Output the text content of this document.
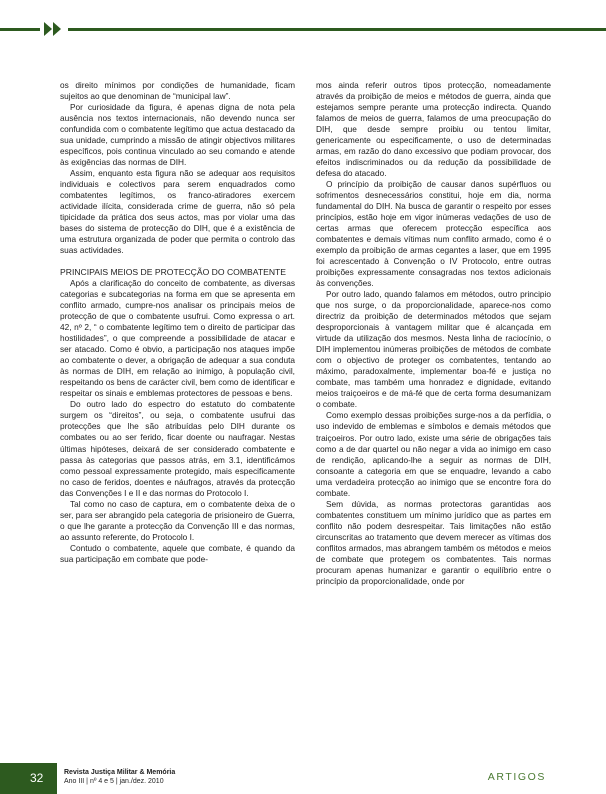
os direito mínimos por condições de humanidade, ficam sujeitos ao que denominan de “municipal law”.

Por curiosidade da figura, é apenas digna de nota pela ausência nos textos internacionais, não devendo nunca ser confundida com o combatente legítimo que actua destacado da sua unidade, cumprindo a missão de atingir objectivos militares específicos, pois continua vinculado ao seu comando e atende às exigências das normas de DIH.

Assim, enquanto esta figura não se adequar aos requisitos individuais e colectivos para serem enquadrados como combatentes legítimos, os franco-atiradores exercem actividade ilícita, considerada crime de guerra, não só pela tipicidade da prática dos seus actos, mas por violar uma das bases do sistema de protecção do DIH, que é a existência de uma estrutura organizada de poder que permita o controlo das suas actividades.

PRINCIPAIS MEIOS DE PROTECÇÃO DO COMBATENTE

Após a clarificação do conceito de combatente, as diversas categorias e subcategorias na forma em que se apresenta em conflito armado, cumpre-nos analisar os principais meios de protecção de que o combatente usufrui. Como expressa o art. 42, nº 2, “ o combatente legítimo tem o direito de participar das hostilidades”, o que compreende a possibilidade de atacar e ser atacado. Como é obvio, a participação nos ataques impõe ao combatente o dever, a obrigação de adequar a sua conduta às normas de DIH, em relação ao inimigo, à população civil, respeitando os bens de carácter civil, bem como de identificar e respeitar os sinais e emblemas protectores de pessoas e bens.

Do outro lado do espectro do estatuto do combatente surgem os “direitos”, ou seja, o combatente usufrui das protecções que lhe são atribuídas pelo DIH durante os combates ou ao ser ferido, ficar doente ou naufragar. Nestas últimas hipóteses, deixará de ser considerado combatente e passa às categorias que passos atrás, em 3.1, identificámos como pessoal expressamente protegido, mais especificamente no caso de feridos, doentes e náufragos, através da protecção das Convenções I e II e das normas do Protocolo I.

Tal como no caso de captura, em o combatente deixa de o ser, para ser abrangido pela categoria de prisioneiro de Guerra, o que lhe garante a protecção da Convenção III e das normas, ao assunto referente, do Protocolo I.

Contudo o combatente, aquele que combate, é quando da sua participação em combate que pode-

mos ainda referir outros tipos protecção, nomeadamente através da proibição de meios e métodos de guerra, ainda que estejamos sempre perante uma protecção indirecta. Quando falamos de meios de guerra, falamos de uma preocupação do DIH, que desde sempre proibiu ou tentou limitar, genericamente ou especificamente, o uso de determinadas armas, em razão do dano excessivo que podiam provocar, dos efeitos indiscriminados ou da redução da possibilidade de defesa do atacado.

O princípio da proibição de causar danos supérfluos ou sofrimentos desnecessários constitui, hoje em dia, norma fundamental do DIH. Na busca de garantir o respeito por esses princípios, estão hoje em vigor inúmeras vedações de uso de certas armas que oferecem protecção específica aos combatentes e demais vítimas num conflito armado, como é o exemplo da proibição de armas cegantes a laser, que em 1995 foi acrescentado à Convenção o IV Protocolo, entre outras proibições expressamente consagradas nos textos adicionais às convenções.

Por outro lado, quando falamos em métodos, outro principio que nos surge, o da proporcionalidade, aparece-nos como directriz da proibição de determinados métodos que sejam desproporcionais à vantagem militar que é alcançada em virtude da utilização dos mesmos. Nesta linha de raciocínio, o DIH implementou inúmeras proibições de métodos de combate com o objectivo de proteger os combatentes, tentando ao máximo, paradoxalmente, implementar boa-fé e justiça no combate, mas também uma honradez e dignidade, evitando meios traiçoeiros e de má-fé que de certa forma desumanizam o combate.

Como exemplo dessas proibições surge-nos a da perfídia, o uso indevido de emblemas e símbolos e demais métodos que traiçoeiros. Por outro lado, existe uma série de obrigações tais como a de dar quartel ou não negar a vida ao inimigo em caso de rendição, aplicando-lhe a seguir as normas de DIH, consoante a categoria em que se enquadre, levando a cabo uma verdadeira protecção ao inimigo que se encontre fora do combate.

Sem dúvida, as normas protectoras garantidas aos combatentes constituem um mínimo jurídico que as partes em conflito não podem desrespeitar. Tais limitações não estão circunscritas ao tratamento que devem merecer as vítimas dos conflitos armados, mas abrangem também os métodos e meios de combate que protegem os combatentes. Tais normas procuram apenas humanizar e garantir o equilíbrio entre o princípio da proporcionalidade, onde por

32	Revista Justiça Militar & Memória
Ano III | nº 4 e 5 | jan./dez. 2010	ARTIGOS
